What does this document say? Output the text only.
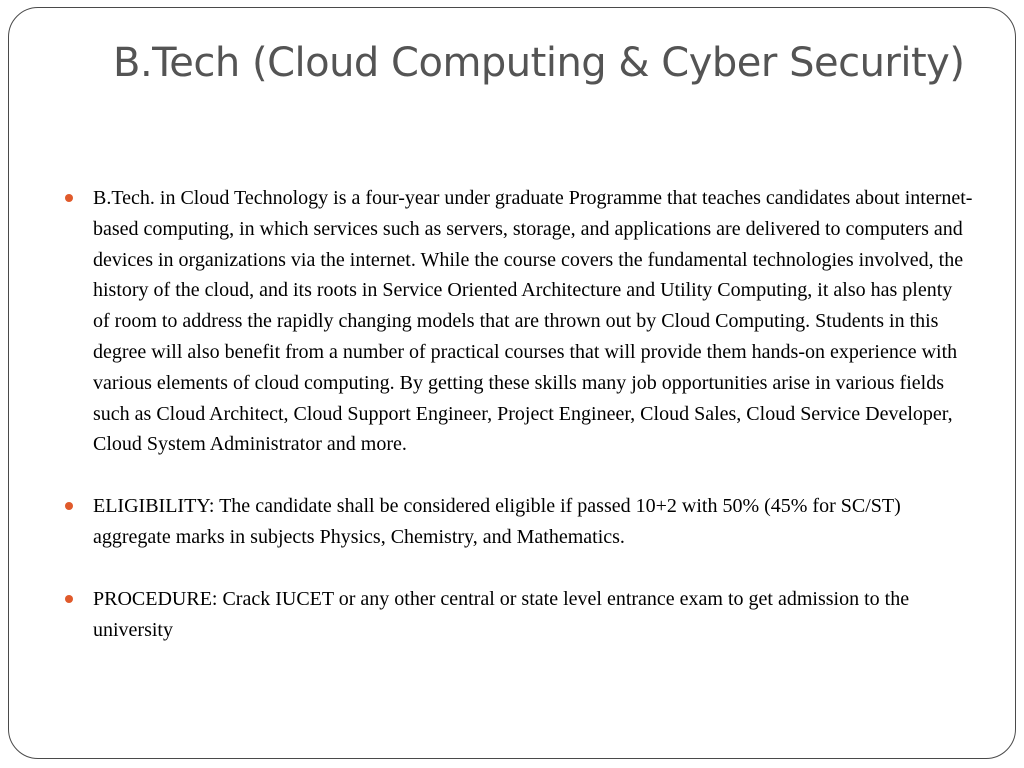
B.Tech (Cloud Computing & Cyber Security)
B.Tech. in Cloud Technology is a four-year under graduate Programme that teaches candidates about internet-based computing, in which services such as servers, storage, and applications are delivered to computers and devices in organizations via the internet. While the course covers the fundamental technologies involved, the history of the cloud, and its roots in Service Oriented Architecture and Utility Computing, it also has plenty of room to address the rapidly changing models that are thrown out by Cloud Computing. Students in this degree will also benefit from a number of practical courses that will provide them hands-on experience with various elements of cloud computing. By getting these skills many job opportunities arise in various fields such as Cloud Architect, Cloud Support Engineer, Project Engineer, Cloud Sales, Cloud Service Developer, Cloud System Administrator and more.
ELIGIBILITY: The candidate shall be considered eligible if passed 10+2 with 50% (45% for SC/ST) aggregate marks in subjects Physics, Chemistry, and Mathematics.
PROCEDURE: Crack IUCET or any other central or state level entrance exam to get admission to the university
